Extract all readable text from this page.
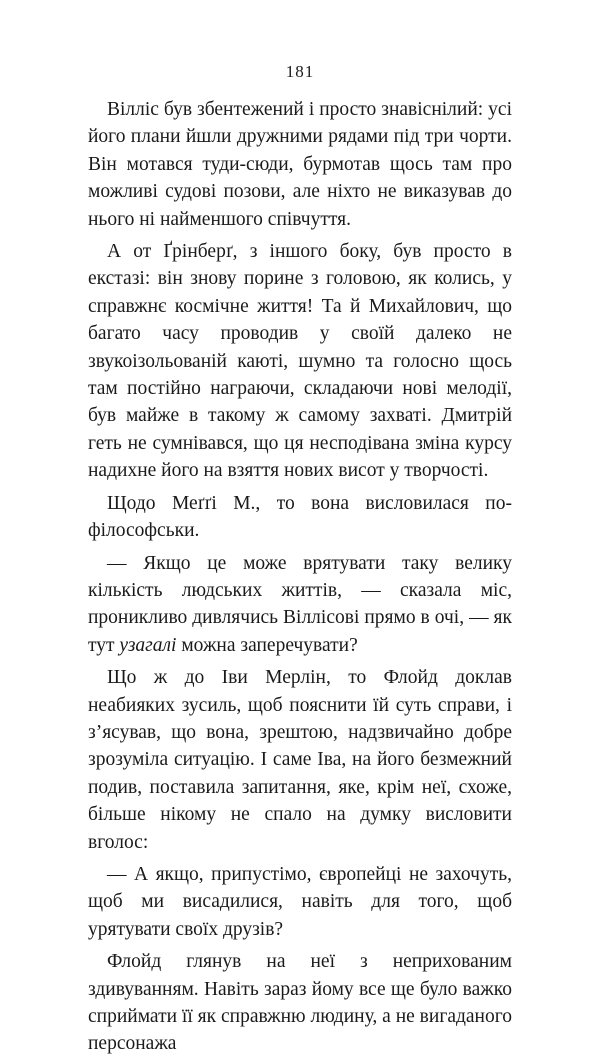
181

Вілліс був збентежений і просто знавіснілий: усі його плани йшли дружними рядами під три чорти. Він мотався туди-сюди, бурмотав щось там про можливі судові позови, але ніхто не виказував до нього ні найменшого співчуття.

А от Ґрінберґ, з іншого боку, був просто в екстазі: він знову порине з головою, як колись, у справжнє космічне життя! Та й Михайлович, що багато часу проводив у своїй далеко не звукоізольованій каюті, шумно та голосно щось там постійно награючи, складаючи нові мелодії, був майже в такому ж самому захваті. Дмитрій геть не сумнівався, що ця несподівана зміна курсу надихне його на взяття нових висот у творчості.

Щодо Меґґі М., то вона висловилася по-філософськи.

— Якщо це може врятувати таку велику кількість людських життів, — сказала міс, проникливо дивлячись Віллісові прямо в очі, — як тут узагалі можна заперечувати?

Що ж до Іви Мерлін, то Флойд доклав неабияких зусиль, щоб пояснити їй суть справи, і з’ясував, що вона, зрештою, надзвичайно добре зрозуміла ситуацію. І саме Іва, на його безмежний подив, поставила запитання, яке, крім неї, схоже, більше нікому не спало на думку висловити вголос:

— А якщо, припустімо, європейці не захочуть, щоб ми висадилися, навіть для того, щоб урятувати своїх друзів?

Флойд глянув на неї з неприхованим здивуванням. Навіть зараз йому все ще було важко сприймати її як справжню людину, а не вигаданого персонажа
